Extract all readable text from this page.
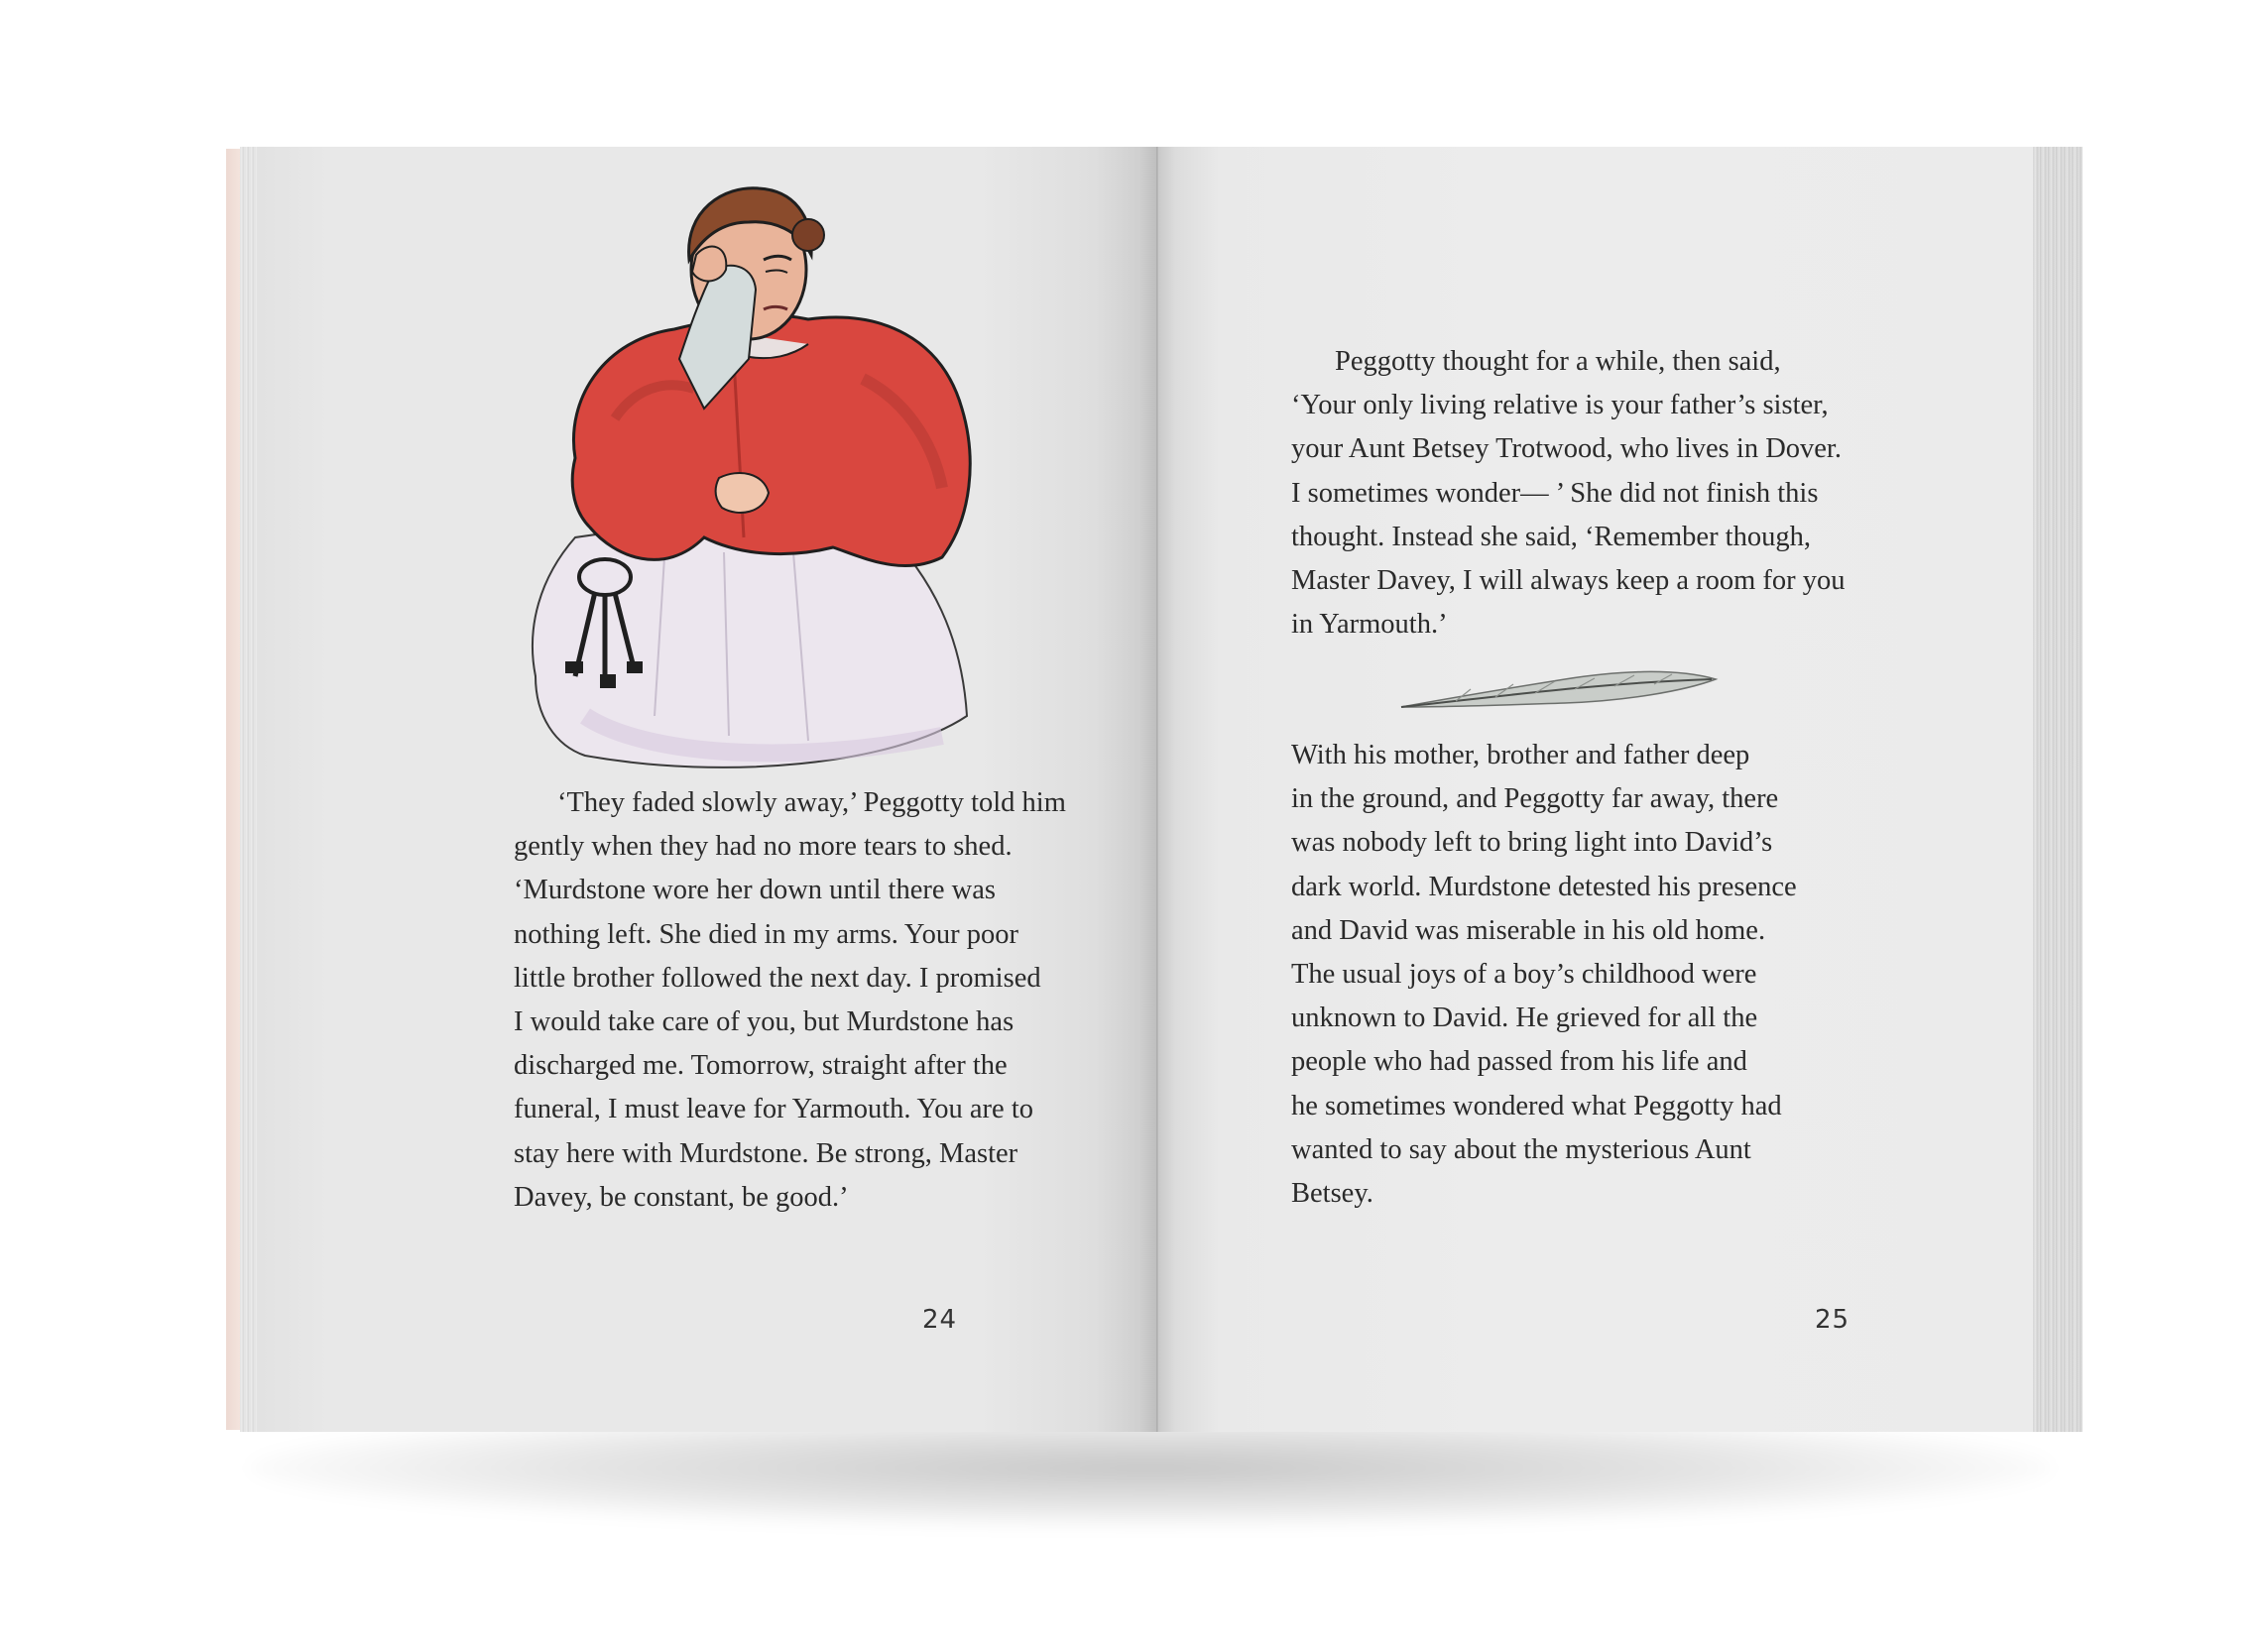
‘They faded slowly away,’ Peggotty told him
gently when they had no more tears to shed.
‘Murdstone wore her down until there was
nothing left. She died in my arms. Your poor
little brother followed the next day. I promised
I would take care of you, but Murdstone has
discharged me. Tomorrow, straight after the
funeral, I must leave for Yarmouth. You are to
stay here with Murdstone. Be strong, Master
Davey, be constant, be good.’
24
Peggotty thought for a while, then said,
‘Your only living relative is your father’s sister,
your Aunt Betsey Trotwood, who lives in Dover.
I sometimes wonder— ’ She did not finish this
thought. Instead she said, ‘Remember though,
Master Davey, I will always keep a room for you
in Yarmouth.’
With his mother, brother and father deep
in the ground, and Peggotty far away, there
was nobody left to bring light into David’s
dark world. Murdstone detested his presence
and David was miserable in his old home.
The usual joys of a boy’s childhood were
unknown to David. He grieved for all the
people who had passed from his life and
he sometimes wondered what Peggotty had
wanted to say about the mysterious Aunt
Betsey.
25
